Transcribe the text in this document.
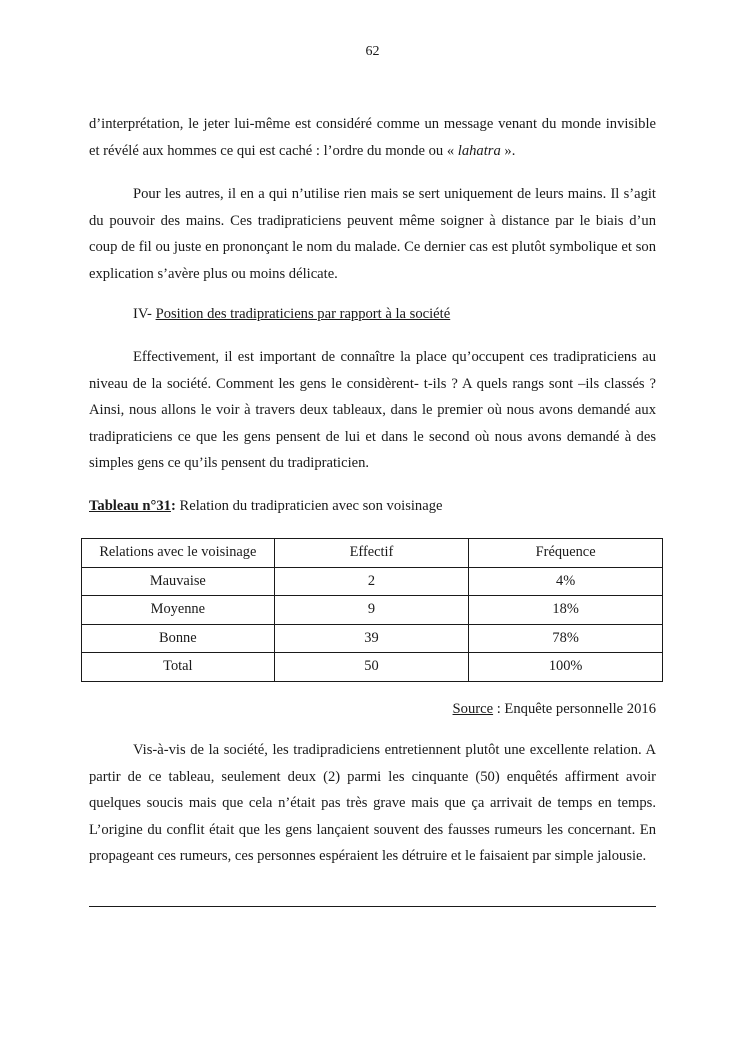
62

d’interprétation, le jeter lui-même est considéré comme un message venant du monde invisible et révélé aux hommes ce qui est caché : l’ordre du monde ou « lahatra ».

Pour les autres, il en a qui n’utilise rien mais se sert uniquement de leurs mains. Il s’agit du pouvoir des mains. Ces tradipraticiens peuvent même soigner à distance par le biais d’un coup de fil ou juste en prononçant le nom du malade. Ce dernier cas est plutôt symbolique et son explication s’avère plus ou moins délicate.

IV- Position des tradipraticiens par rapport à la société

Effectivement, il est important de connaître la place qu’occupent ces tradipraticiens au niveau de la société. Comment les gens le considèrent- t-ils ? A quels rangs sont –ils classés ? Ainsi, nous allons le voir à travers deux tableaux, dans le premier où nous avons demandé aux tradipraticiens ce que les gens pensent de lui et dans le second où nous avons demandé à des simples gens ce qu’ils pensent du tradipraticien.

Tableau n°31: Relation du tradipraticien avec son voisinage

Relations avec le voisinage	Effectif	Fréquence
Mauvaise	2	4%
Moyenne	9	18%
Bonne	39	78%
Total	50	100%
Source : Enquête personnelle 2016

Vis-à-vis de la société, les tradipradiciens entretiennent plutôt une excellente relation. A partir de ce tableau, seulement deux (2) parmi les cinquante (50) enquêtés affirment avoir quelques soucis mais que cela n’était pas très grave mais que ça arrivait de temps en temps. L’origine du conflit était que les gens lançaient souvent des fausses rumeurs les concernant. En propageant ces rumeurs, ces personnes espéraient les détruire et le faisaient par simple jalousie.
